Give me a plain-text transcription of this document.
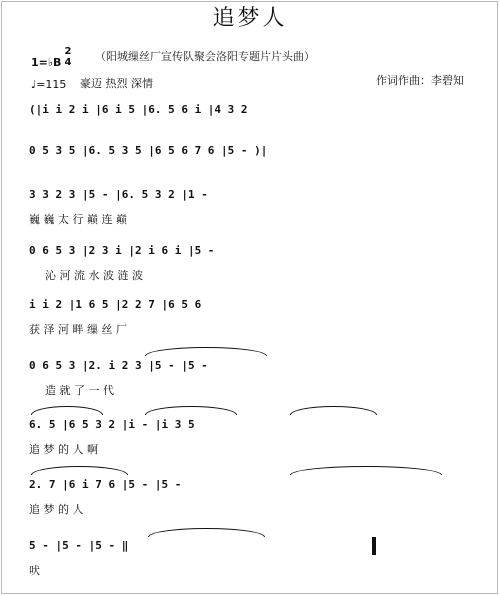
追梦人
1=♭B
2
4 （阳城缫丝厂宣传队聚会洛阳专题片片头曲）
♩=115 豪迈 热烈 深情	作词作曲：李碧知
(|i i 2 i |6 i 5 |6. 5 6 i |4 3 2
0 5 3 5 |6. 5 3 5 |6 5 6 7 6 |5 - )|
3 3 2 3 |5 - |6. 5 3 2 |1 -
巍 巍 太 行 巅 连 巅
0 6 5 3 |2 3 i |2 i 6 i |5 -
沁 河 流 水 波 涟 波
i i 2 |1 6 5 |2 2 7 |6 5 6
获 泽 河 畔 缫 丝 厂
0 6 5 3 |2. i 2 3 |5 - |5 -
造 就 了 一 代
6. 5 |6 5 3 2 |i - |i 3 5
追 梦 的 人 啊
2. 7 |6 i 7 6 |5 - |5 -
追 梦 的 人
5 - |5 - |5 - ‖
吠
